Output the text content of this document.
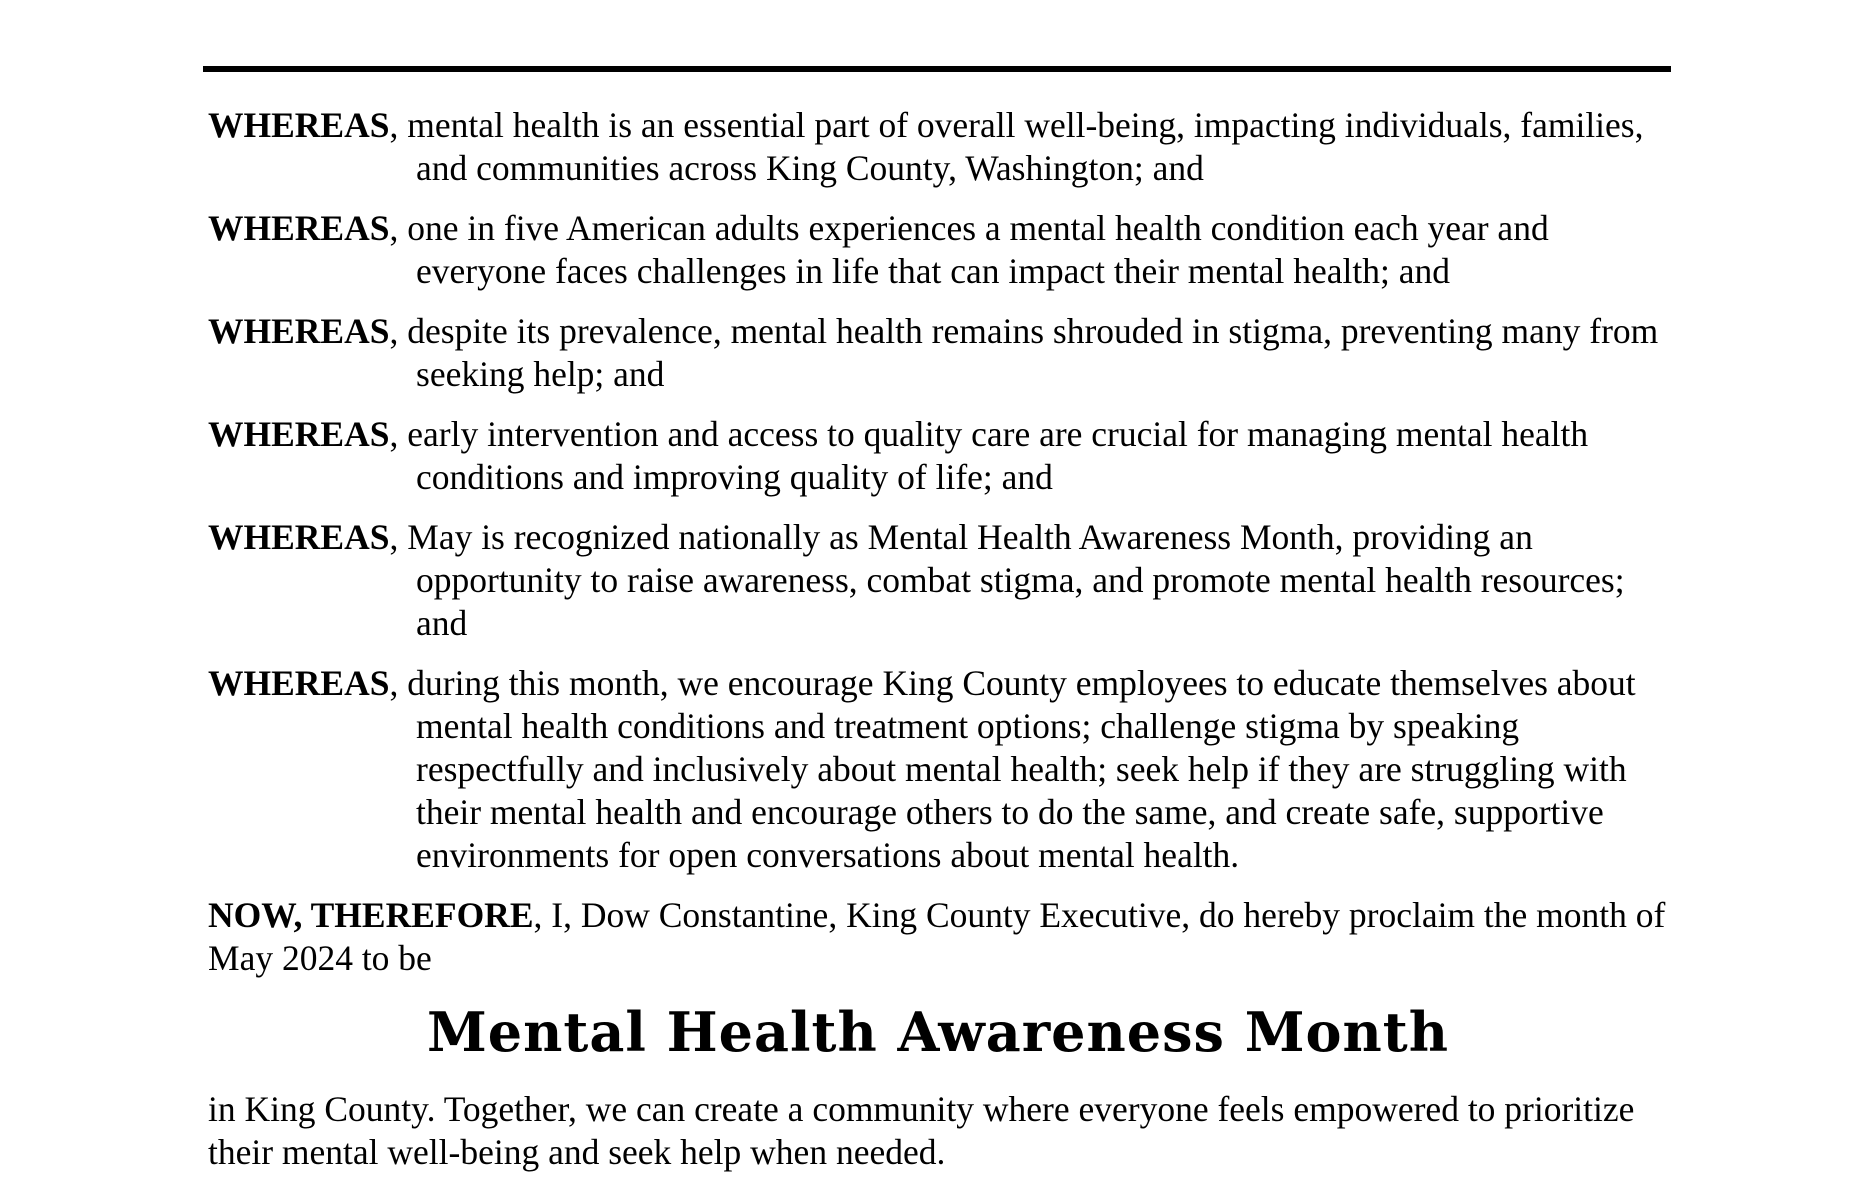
WHEREAS, mental health is an essential part of overall well-being, impacting individuals, families, and communities across King County, Washington; and

WHEREAS, one in five American adults experiences a mental health condition each year and everyone faces challenges in life that can impact their mental health; and

WHEREAS, despite its prevalence, mental health remains shrouded in stigma, preventing many from seeking help; and

WHEREAS, early intervention and access to quality care are crucial for managing mental health conditions and improving quality of life; and

WHEREAS, May is recognized nationally as Mental Health Awareness Month, providing an opportunity to raise awareness, combat stigma, and promote mental health resources; and

WHEREAS, during this month, we encourage King County employees to educate themselves about mental health conditions and treatment options; challenge stigma by speaking respectfully and inclusively about mental health; seek help if they are struggling with their mental health and encourage others to do the same, and create safe, supportive environments for open conversations about mental health.

NOW, THEREFORE, I, Dow Constantine, King County Executive, do hereby proclaim the month of May 2024 to be

Mental Health Awareness Month

in King County. Together, we can create a community where everyone feels empowered to prioritize their mental well-being and seek help when needed.
